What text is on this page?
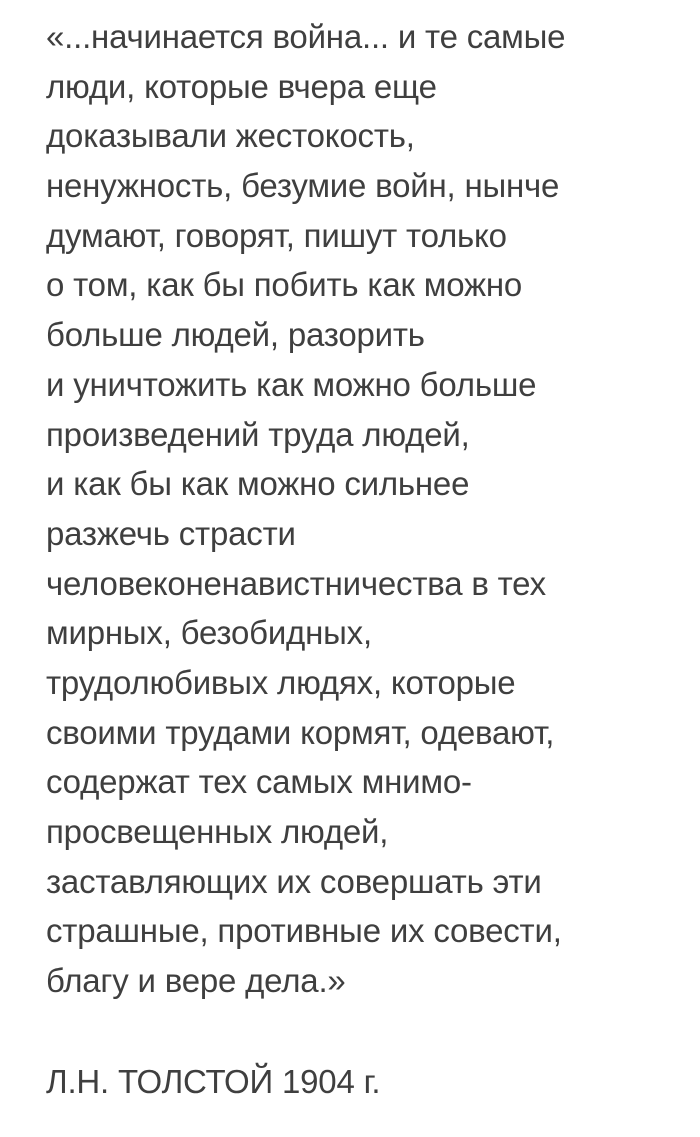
«...начинается война... и те самые
люди, которые вчера еще
доказывали жестокость,
ненужность, безумие войн, нынче
думают, говорят, пишут только
о том, как бы побить как можно
больше людей, разорить
и уничтожить как можно больше
произведений труда людей,
и как бы как можно сильнее
разжечь страсти
человеконенавистничества в тех
мирных, безобидных,
трудолюбивых людях, которые
своими трудами кормят, одевают,
содержат тех самых мнимо-
просвещенных людей,
заставляющих их совершать эти
страшные, противные их совести,
благу и вере дела.»
Л.Н. ТОЛСТОЙ 1904 г.
